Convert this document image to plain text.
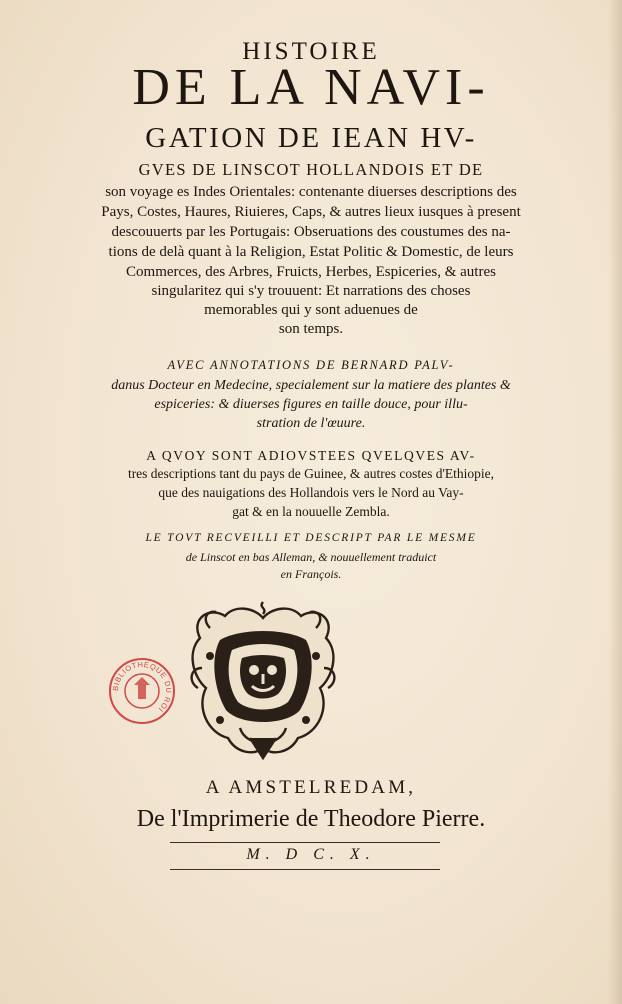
HISTOIRE
DE LA NAVI-
GATION DE IEAN HV-
GVES DE LINSCOT HOLLANDOIS ET DE
son voyage es Indes Orientales: contenante diuerses descriptions des
Pays, Costes, Haures, Riuieres, Caps, & autres lieux iusques à present
descouuerts par les Portugais: Obseruations des coustumes des na-
tions de delà quant à la Religion, Estat Politic & Domestic, de leurs
Commerces, des Arbres, Fruicts, Herbes, Espiceries, & autres
singularitez qui s'y trouuent: Et narrations des choses
memorables qui y sont aduenues de
son temps.
AVEC ANNOTATIONS DE BERNARD PALV-
danus Docteur en Medecine, specialement sur la matiere des plantes &
espiceries: & diuerses figures en taille douce, pour illu-
stration de l'œuure.
A QVOY SONT ADIOVSTEES QVELQVES AV-
tres descriptions tant du pays de Guinee, & autres costes d'Ethiopie,
que des nauigations des Hollandois vers le Nord au Vay-
gat & en la nouuelle Zembla.
LE TOVT RECVEILLI ET DESCRIPT PAR LE MESME
de Linscot en bas Alleman, & nouuellement traduict
en François.
BIBLIOTHEQUE DU ROI
A AMSTELREDAM,
De l'Imprimerie de Theodore Pierre.
M. D C. X.
